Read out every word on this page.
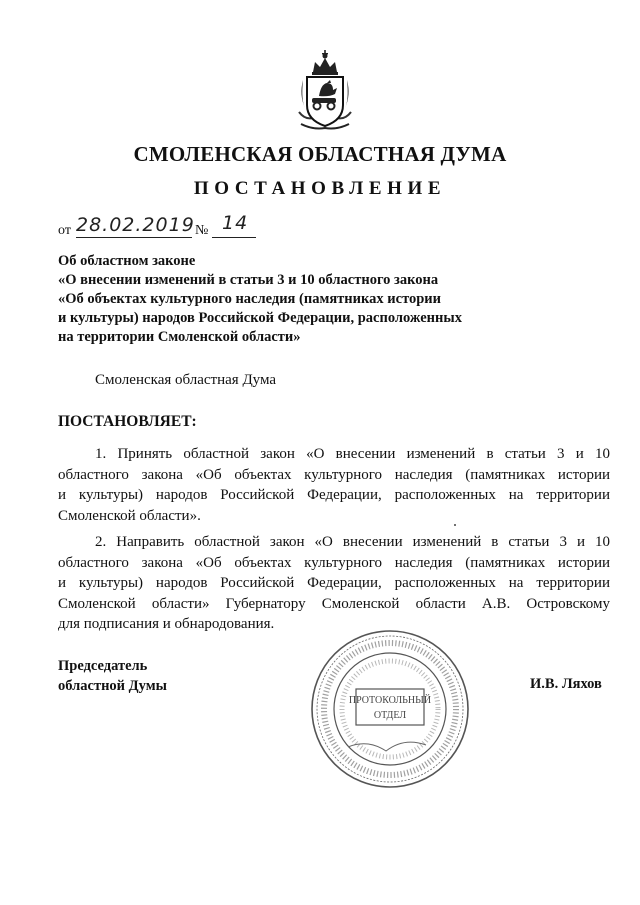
СМОЛЕНСКАЯ ОБЛАСТНАЯ ДУМА
ПОСТАНОВЛЕНИЕ
от 28.02.2019 № 14
Об областном законе
«О внесении изменений в статьи 3 и 10 областного закона
«Об объектах культурного наследия (памятниках истории
и культуры) народов Российской Федерации, расположенных
на территории Смоленской области»
Смоленская областная Дума
ПОСТАНОВЛЯЕТ:
1. Принять областной закон «О внесении изменений в статьи 3 и 10
областного закона «Об объектах культурного наследия (памятниках истории
и культуры) народов Российской Федерации, расположенных на территории
Смоленской области».
2. Направить областной закон «О внесении изменений в статьи 3 и 10
областного закона «Об объектах культурного наследия (памятниках истории
и культуры) народов Российской Федерации, расположенных на территории
Смоленской области» Губернатору Смоленской области А.В. Островскому
для подписания и обнародования.
Председатель
областной Думы
ПРОТОКОЛЬНЫЙ
ОТДЕЛ
И.В. Ляхов
